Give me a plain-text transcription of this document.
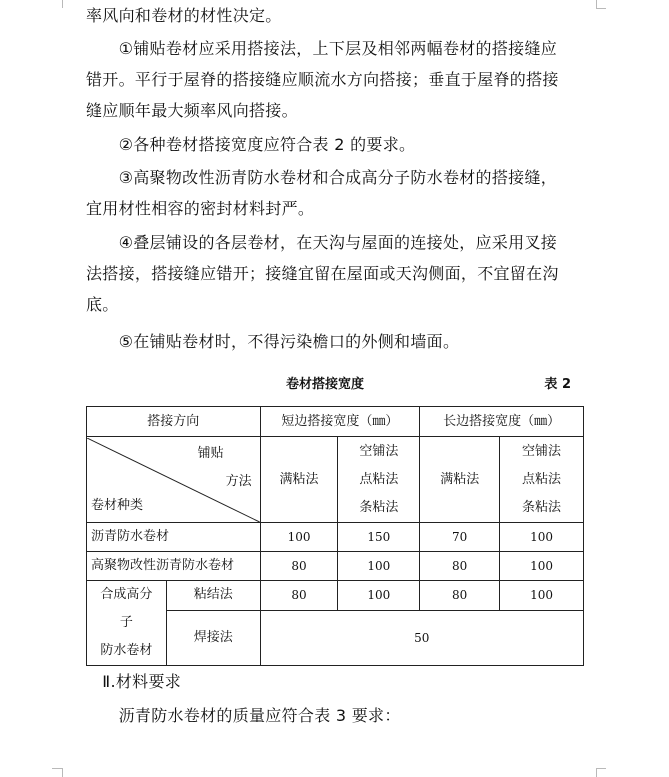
率风向和卷材的材性决定。

　　①铺贴卷材应采用搭接法，上下层及相邻两幅卷材的搭接缝应
错开。平行于屋脊的搭接缝应顺流水方向搭接；垂直于屋脊的搭接
缝应顺年最大频率风向搭接。

　　②各种卷材搭接宽度应符合表 2 的要求。

　　③高聚物改性沥青防水卷材和合成高分子防水卷材的搭接缝，
宜用材性相容的密封材料封严。

　　④叠层铺设的各层卷材，在天沟与屋面的连接处，应采用叉接
法搭接，搭接缝应错开；接缝宜留在屋面或天沟侧面，不宜留在沟
底。

　　⑤在铺贴卷材时，不得污染檐口的外侧和墙面。

卷材搭接宽度	表 2
搭接方向		短边搭接宽度（㎜）		长边搭接宽度（㎜）	

铺贴
方法
卷材种类		满粘法	空铺法
点粘法
条粘法	满粘法	空铺法
点粘法
条粘法
沥青防水卷材		100	150	70	100
高聚物改性沥青防水卷材		80	100	80	100
合成高分
子
防水卷材	粘结法	80	100	80	100
	焊接法	50			

　Ⅱ.材料要求

　　沥青防水卷材的质量应符合表 3 要求：
